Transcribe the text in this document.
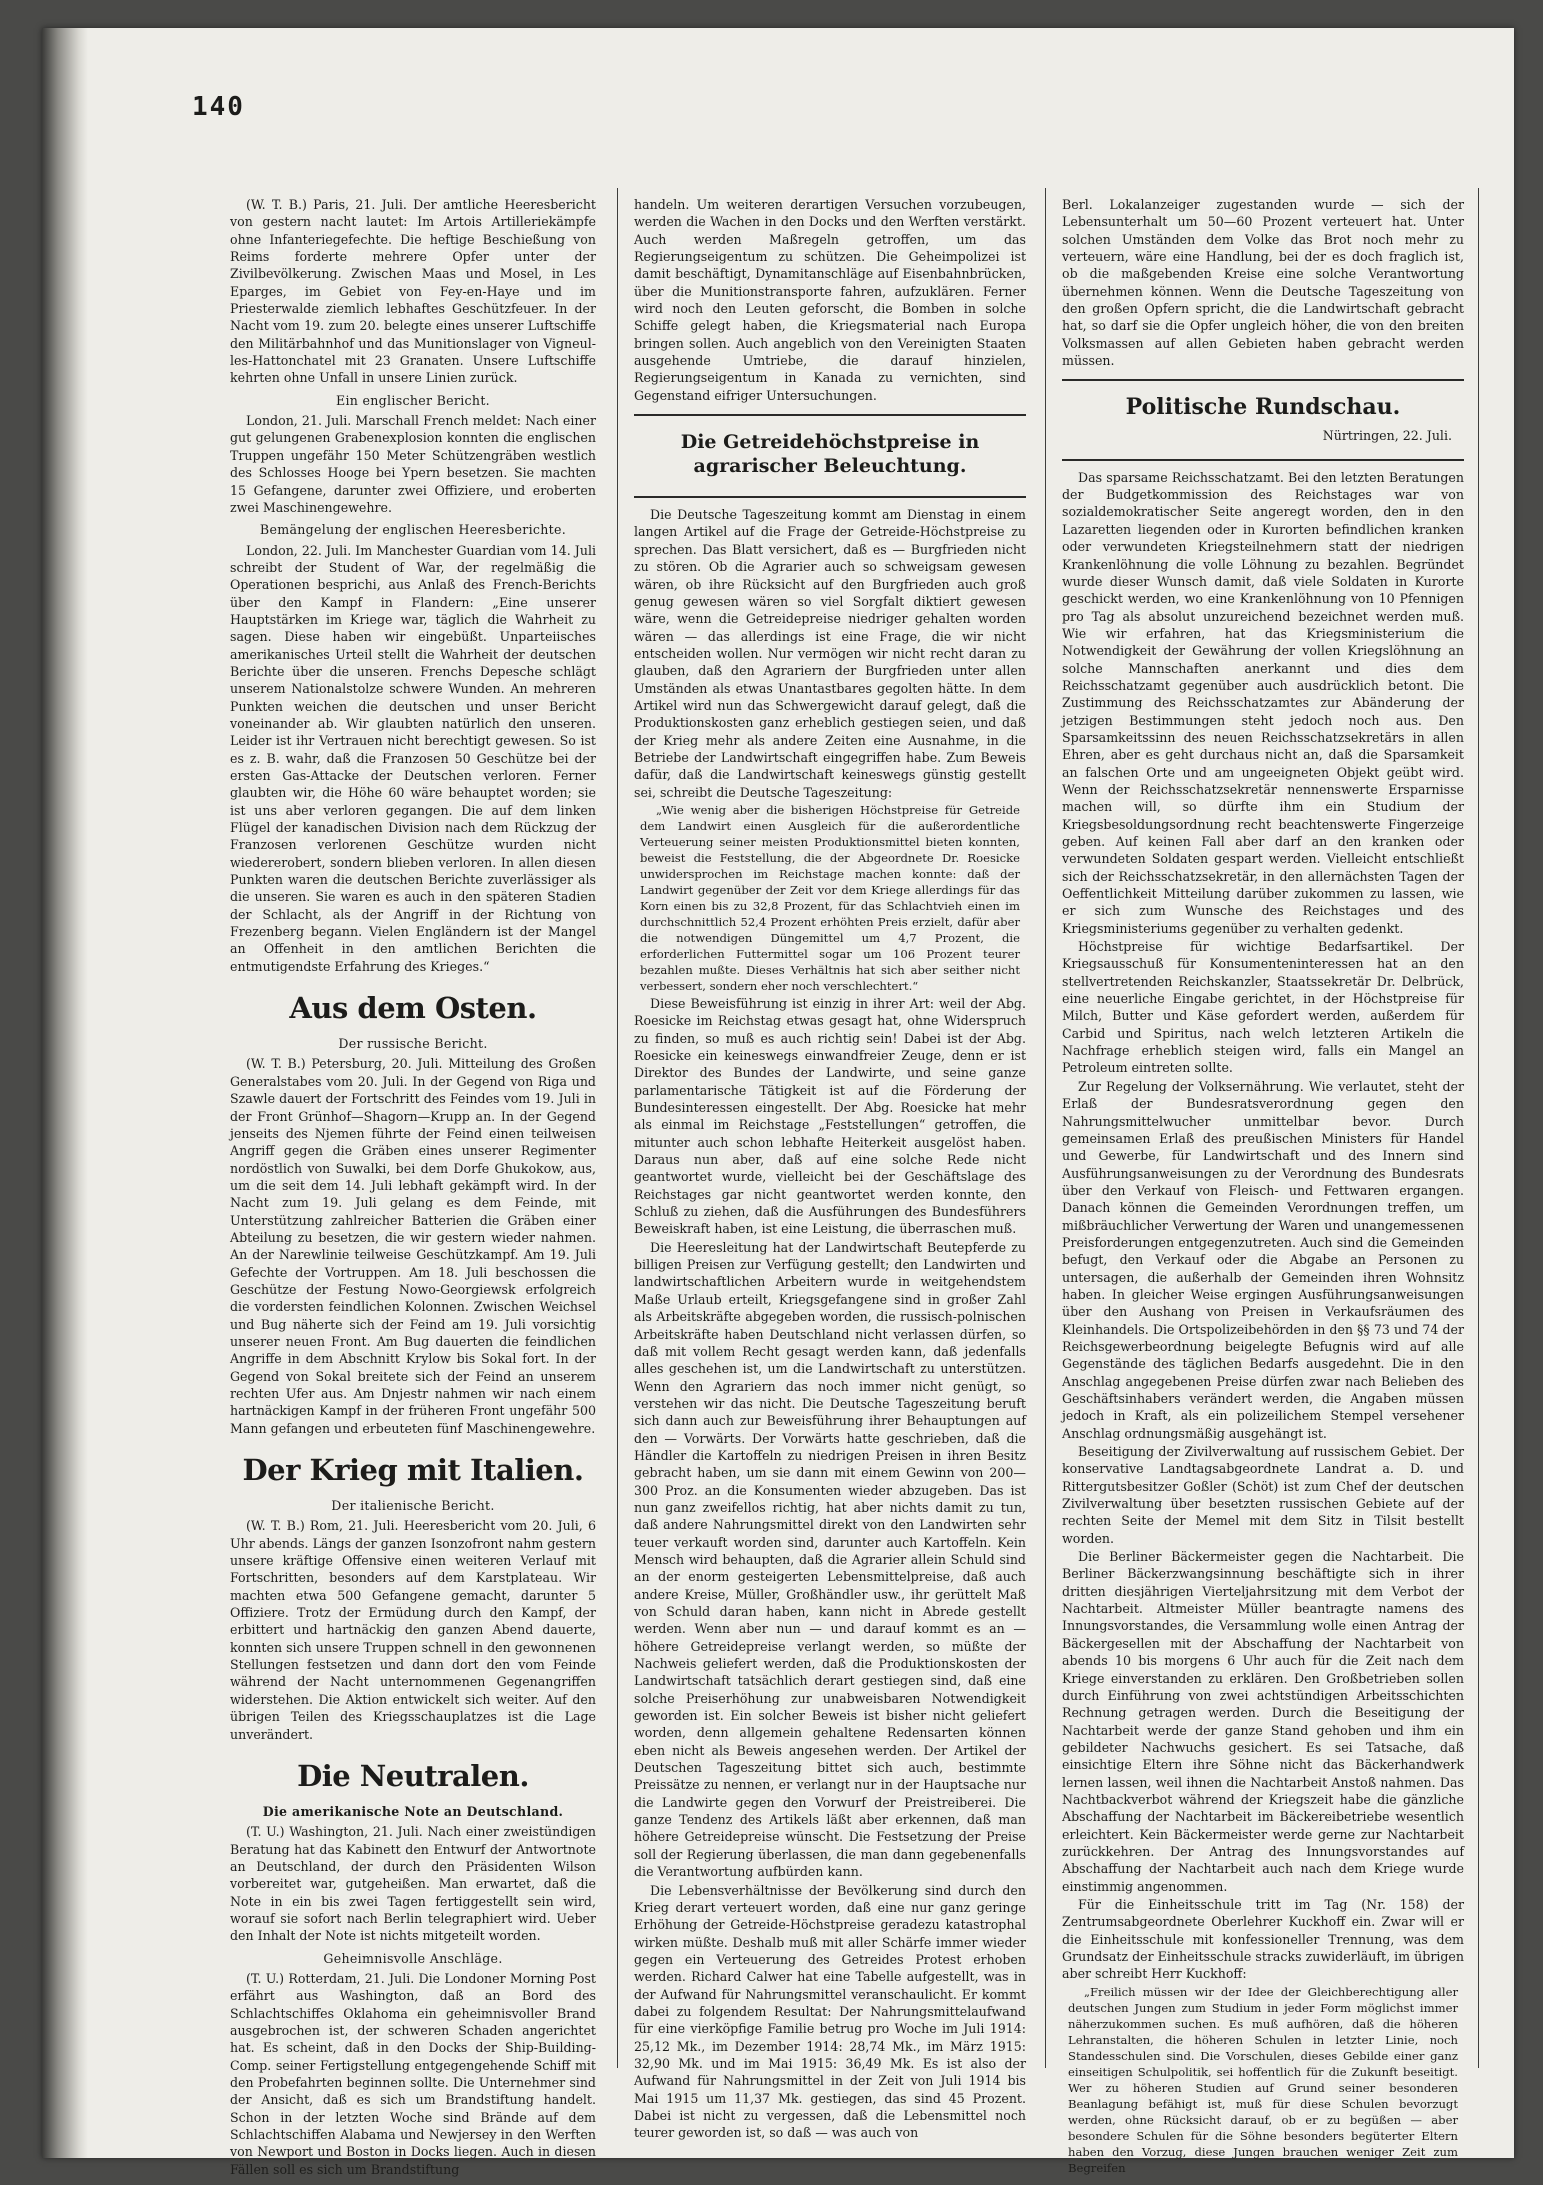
140

(W. T. B.) Paris, 21. Juli. Der amtliche Heeresbericht von gestern nacht lautet: Im Artois Artilleriekämpfe ohne Infanteriegefechte. Die heftige Beschießung von Reims forderte mehrere Opfer unter der Zivilbevölkerung. Zwischen Maas und Mosel, in Les Eparges, im Gebiet von Fey-en-Haye und im Priesterwalde ziemlich lebhaftes Geschützfeuer. In der Nacht vom 19. zum 20. belegte eines unserer Luftschiffe den Militärbahnhof und das Munitionslager von Vigneul-les-Hattonchatel mit 23 Granaten. Unsere Luftschiffe kehrten ohne Unfall in unsere Linien zurück.

Ein englischer Bericht.

London, 21. Juli. Marschall French meldet: Nach einer gut gelungenen Grabenexplosion konnten die englischen Truppen ungefähr 150 Meter Schützengräben westlich des Schlosses Hooge bei Ypern besetzen. Sie machten 15 Gefangene, darunter zwei Offiziere, und eroberten zwei Maschinengewehre.

Bemängelung der englischen Heeresberichte.

London, 22. Juli. Im Manchester Guardian vom 14. Juli schreibt der Student of War, der regelmäßig die Operationen besprichi, aus Anlaß des French-Berichts über den Kampf in Flandern: „Eine unserer Hauptstärken im Kriege war, täglich die Wahrheit zu sagen. Diese haben wir eingebüßt. Unparteiisches amerikanisches Urteil stellt die Wahrheit der deutschen Berichte über die unseren. Frenchs Depesche schlägt unserem Nationalstolze schwere Wunden. An mehreren Punkten weichen die deutschen und unser Bericht voneinander ab. Wir glaubten natürlich den unseren. Leider ist ihr Vertrauen nicht berechtigt gewesen. So ist es z. B. wahr, daß die Franzosen 50 Geschütze bei der ersten Gas-Attacke der Deutschen verloren. Ferner glaubten wir, die Höhe 60 wäre behauptet worden; sie ist uns aber verloren gegangen. Die auf dem linken Flügel der kanadischen Division nach dem Rückzug der Franzosen verlorenen Geschütze wurden nicht wiedererobert, sondern blieben verloren. In allen diesen Punkten waren die deutschen Berichte zuverlässiger als die unseren. Sie waren es auch in den späteren Stadien der Schlacht, als der Angriff in der Richtung von Frezenberg begann. Vielen Engländern ist der Mangel an Offenheit in den amtlichen Berichten die entmutigendste Erfahrung des Krieges.“

Aus dem Osten.
Der russische Bericht.

(W. T. B.) Petersburg, 20. Juli. Mitteilung des Großen Generalstabes vom 20. Juli. In der Gegend von Riga und Szawle dauert der Fortschritt des Feindes vom 19. Juli in der Front Grünhof—Shagorn—Krupp an. In der Gegend jenseits des Njemen führte der Feind einen teilweisen Angriff gegen die Gräben eines unserer Regimenter nordöstlich von Suwalki, bei dem Dorfe Ghukokow, aus, um die seit dem 14. Juli lebhaft gekämpft wird. In der Nacht zum 19. Juli gelang es dem Feinde, mit Unterstützung zahlreicher Batterien die Gräben einer Abteilung zu besetzen, die wir gestern wieder nahmen. An der Narewlinie teilweise Geschützkampf. Am 19. Juli Gefechte der Vortruppen. Am 18. Juli beschossen die Geschütze der Festung Nowo-Georgiewsk erfolgreich die vordersten feindlichen Kolonnen. Zwischen Weichsel und Bug näherte sich der Feind am 19. Juli vorsichtig unserer neuen Front. Am Bug dauerten die feindlichen Angriffe in dem Abschnitt Krylow bis Sokal fort. In der Gegend von Sokal breitete sich der Feind an unserem rechten Ufer aus. Am Dnjestr nahmen wir nach einem hartnäckigen Kampf in der früheren Front ungefähr 500 Mann gefangen und erbeuteten fünf Maschinengewehre.

Der Krieg mit Italien.
Der italienische Bericht.

(W. T. B.) Rom, 21. Juli. Heeresbericht vom 20. Juli, 6 Uhr abends. Längs der ganzen Isonzofront nahm gestern unsere kräftige Offensive einen weiteren Verlauf mit Fortschritten, besonders auf dem Karstplateau. Wir machten etwa 500 Gefangene gemacht, darunter 5 Offiziere. Trotz der Ermüdung durch den Kampf, der erbittert und hartnäckig den ganzen Abend dauerte, konnten sich unsere Truppen schnell in den gewonnenen Stellungen festsetzen und dann dort den vom Feinde während der Nacht unternommenen Gegenangriffen widerstehen. Die Aktion entwickelt sich weiter. Auf den übrigen Teilen des Kriegsschauplatzes ist die Lage unverändert.

Die Neutralen.
Die amerikanische Note an Deutschland.

(T. U.) Washington, 21. Juli. Nach einer zweistündigen Beratung hat das Kabinett den Entwurf der Antwortnote an Deutschland, der durch den Präsidenten Wilson vorbereitet war, gutgeheißen. Man erwartet, daß die Note in ein bis zwei Tagen fertiggestellt sein wird, worauf sie sofort nach Berlin telegraphiert wird. Ueber den Inhalt der Note ist nichts mitgeteilt worden.

Geheimnisvolle Anschläge.

(T. U.) Rotterdam, 21. Juli. Die Londoner Morning Post erfährt aus Washington, daß an Bord des Schlachtschiffes Oklahoma ein geheimnisvoller Brand ausgebrochen ist, der schweren Schaden angerichtet hat. Es scheint, daß in den Docks der Ship-Building-Comp. seiner Fertigstellung entgegengehende Schiff mit den Probefahrten beginnen sollte. Die Unternehmer sind der Ansicht, daß es sich um Brandstiftung handelt. Schon in der letzten Woche sind Brände auf dem Schlachtschiffen Alabama und Newjersey in den Werften von Newport und Boston in Docks liegen. Auch in diesen Fällen soll es sich um Brandstiftung

handeln. Um weiteren derartigen Versuchen vorzubeugen, werden die Wachen in den Docks und den Werften verstärkt. Auch werden Maßregeln getroffen, um das Regierungseigentum zu schützen. Die Geheimpolizei ist damit beschäftigt, Dynamitanschläge auf Eisenbahnbrücken, über die Munitionstransporte fahren, aufzuklären. Ferner wird noch den Leuten geforscht, die Bomben in solche Schiffe gelegt haben, die Kriegsmaterial nach Europa bringen sollen. Auch angeblich von den Vereinigten Staaten ausgehende Umtriebe, die darauf hinzielen, Regierungseigentum in Kanada zu vernichten, sind Gegenstand eifriger Untersuchungen.

Die Getreidehöchstpreise in agrarischer Beleuchtung.

Die Deutsche Tageszeitung kommt am Dienstag in einem langen Artikel auf die Frage der Getreide-Höchstpreise zu sprechen. Das Blatt versichert, daß es — Burgfrieden nicht zu stören. Ob die Agrarier auch so schweigsam gewesen wären, ob ihre Rücksicht auf den Burgfrieden auch groß genug gewesen wären so viel Sorgfalt diktiert gewesen wäre, wenn die Getreidepreise niedriger gehalten worden wären — das allerdings ist eine Frage, die wir nicht entscheiden wollen. Nur vermögen wir nicht recht daran zu glauben, daß den Agrariern der Burgfrieden unter allen Umständen als etwas Unantastbares gegolten hätte. In dem Artikel wird nun das Schwergewicht darauf gelegt, daß die Produktionskosten ganz erheblich gestiegen seien, und daß der Krieg mehr als andere Zeiten eine Ausnahme, in die Betriebe der Landwirtschaft eingegriffen habe. Zum Beweis dafür, daß die Landwirtschaft keineswegs günstig gestellt sei, schreibt die Deutsche Tageszeitung:

„Wie wenig aber die bisherigen Höchstpreise für Getreide dem Landwirt einen Ausgleich für die außerordentliche Verteuerung seiner meisten Produktionsmittel bieten konnten, beweist die Feststellung, die der Abgeordnete Dr. Roesicke unwidersprochen im Reichstage machen konnte: daß der Landwirt gegenüber der Zeit vor dem Kriege allerdings für das Korn einen bis zu 32,8 Prozent, für das Schlachtvieh einen im durchschnittlich 52,4 Prozent erhöhten Preis erzielt, dafür aber die notwendigen Düngemittel um 4,7 Prozent, die erforderlichen Futtermittel sogar um 106 Prozent teurer bezahlen mußte. Dieses Verhältnis hat sich aber seither nicht verbessert, sondern eher noch verschlechtert.“

Diese Beweisführung ist einzig in ihrer Art: weil der Abg. Roesicke im Reichstag etwas gesagt hat, ohne Widerspruch zu finden, so muß es auch richtig sein! Dabei ist der Abg. Roesicke ein keineswegs einwandfreier Zeuge, denn er ist Direktor des Bundes der Landwirte, und seine ganze parlamentarische Tätigkeit ist auf die Förderung der Bundesinteressen eingestellt. Der Abg. Roesicke hat mehr als einmal im Reichstage „Feststellungen“ getroffen, die mitunter auch schon lebhafte Heiterkeit ausgelöst haben. Daraus nun aber, daß auf eine solche Rede nicht geantwortet wurde, vielleicht bei der Geschäftslage des Reichstages gar nicht geantwortet werden konnte, den Schluß zu ziehen, daß die Ausführungen des Bundesführers Beweiskraft haben, ist eine Leistung, die überraschen muß.

Die Heeresleitung hat der Landwirtschaft Beutepferde zu billigen Preisen zur Verfügung gestellt; den Landwirten und landwirtschaftlichen Arbeitern wurde in weitgehendstem Maße Urlaub erteilt, Kriegsgefangene sind in großer Zahl als Arbeitskräfte abgegeben worden, die russisch-polnischen Arbeitskräfte haben Deutschland nicht verlassen dürfen, so daß mit vollem Recht gesagt werden kann, daß jedenfalls alles geschehen ist, um die Landwirtschaft zu unterstützen. Wenn den Agrariern das noch immer nicht genügt, so verstehen wir das nicht. Die Deutsche Tageszeitung beruft sich dann auch zur Beweisführung ihrer Behauptungen auf den — Vorwärts. Der Vorwärts hatte geschrieben, daß die Händler die Kartoffeln zu niedrigen Preisen in ihren Besitz gebracht haben, um sie dann mit einem Gewinn von 200—300 Proz. an die Konsumenten wieder abzugeben. Das ist nun ganz zweifellos richtig, hat aber nichts damit zu tun, daß andere Nahrungsmittel direkt von den Landwirten sehr teuer verkauft worden sind, darunter auch Kartoffeln. Kein Mensch wird behaupten, daß die Agrarier allein Schuld sind an der enorm gesteigerten Lebensmittelpreise, daß auch andere Kreise, Müller, Großhändler usw., ihr gerüttelt Maß von Schuld daran haben, kann nicht in Abrede gestellt werden. Wenn aber nun — und darauf kommt es an — höhere Getreidepreise verlangt werden, so müßte der Nachweis geliefert werden, daß die Produktionskosten der Landwirtschaft tatsächlich derart gestiegen sind, daß eine solche Preiserhöhung zur unabweisbaren Notwendigkeit geworden ist. Ein solcher Beweis ist bisher nicht geliefert worden, denn allgemein gehaltene Redensarten können eben nicht als Beweis angesehen werden. Der Artikel der Deutschen Tageszeitung bittet sich auch, bestimmte Preissätze zu nennen, er verlangt nur in der Hauptsache nur die Landwirte gegen den Vorwurf der Preistreiberei. Die ganze Tendenz des Artikels läßt aber erkennen, daß man höhere Getreidepreise wünscht. Die Festsetzung der Preise soll der Regierung überlassen, die man dann gegebenenfalls die Verantwortung aufbürden kann.

Die Lebensverhältnisse der Bevölkerung sind durch den Krieg derart verteuert worden, daß eine nur ganz geringe Erhöhung der Getreide-Höchstpreise geradezu katastrophal wirken müßte. Deshalb muß mit aller Schärfe immer wieder gegen ein Verteuerung des Getreides Protest erhoben werden. Richard Calwer hat eine Tabelle aufgestellt, was in der Aufwand für Nahrungsmittel veranschaulicht. Er kommt dabei zu folgendem Resultat: Der Nahrungsmittelaufwand für eine vierköpfige Familie betrug pro Woche im Juli 1914: 25,12 Mk., im Dezember 1914: 28,74 Mk., im März 1915: 32,90 Mk. und im Mai 1915: 36,49 Mk. Es ist also der Aufwand für Nahrungsmittel in der Zeit von Juli 1914 bis Mai 1915 um 11,37 Mk. gestiegen, das sind 45 Prozent. Dabei ist nicht zu vergessen, daß die Lebensmittel noch teurer geworden ist, so daß — was auch von

Berl. Lokalanzeiger zugestanden wurde — sich der Lebensunterhalt um 50—60 Prozent verteuert hat. Unter solchen Umständen dem Volke das Brot noch mehr zu verteuern, wäre eine Handlung, bei der es doch fraglich ist, ob die maßgebenden Kreise eine solche Verantwortung übernehmen können. Wenn die Deutsche Tageszeitung von den großen Opfern spricht, die die Landwirtschaft gebracht hat, so darf sie die Opfer ungleich höher, die von den breiten Volksmassen auf allen Gebieten haben gebracht werden müssen.

Politische Rundschau.
Nürtringen, 22. Juli.

Das sparsame Reichsschatzamt. Bei den letzten Beratungen der Budgetkommission des Reichstages war von sozialdemokratischer Seite angeregt worden, den in den Lazaretten liegenden oder in Kurorten befindlichen kranken oder verwundeten Kriegsteilnehmern statt der niedrigen Krankenlöhnung die volle Löhnung zu bezahlen. Begründet wurde dieser Wunsch damit, daß viele Soldaten in Kurorte geschickt werden, wo eine Krankenlöhnung von 10 Pfennigen pro Tag als absolut unzureichend bezeichnet werden muß. Wie wir erfahren, hat das Kriegsministerium die Notwendigkeit der Gewährung der vollen Kriegslöhnung an solche Mannschaften anerkannt und dies dem Reichsschatzamt gegenüber auch ausdrücklich betont. Die Zustimmung des Reichsschatzamtes zur Abänderung der jetzigen Bestimmungen steht jedoch noch aus. Den Sparsamkeitssinn des neuen Reichsschatzsekretärs in allen Ehren, aber es geht durchaus nicht an, daß die Sparsamkeit an falschen Orte und am ungeeigneten Objekt geübt wird. Wenn der Reichsschatzsekretär nennenswerte Ersparnisse machen will, so dürfte ihm ein Studium der Kriegsbesoldungsordnung recht beachtenswerte Fingerzeige geben. Auf keinen Fall aber darf an den kranken oder verwundeten Soldaten gespart werden. Vielleicht entschließt sich der Reichsschatzsekretär, in den allernächsten Tagen der Oeffentlichkeit Mitteilung darüber zukommen zu lassen, wie er sich zum Wunsche des Reichstages und des Kriegsministeriums gegenüber zu verhalten gedenkt.

Höchstpreise für wichtige Bedarfsartikel. Der Kriegsausschuß für Konsumenteninteressen hat an den stellvertretenden Reichskanzler, Staatssekretär Dr. Delbrück, eine neuerliche Eingabe gerichtet, in der Höchstpreise für Milch, Butter und Käse gefordert werden, außerdem für Carbid und Spiritus, nach welch letzteren Artikeln die Nachfrage erheblich steigen wird, falls ein Mangel an Petroleum eintreten sollte.

Zur Regelung der Volksernährung. Wie verlautet, steht der Erlaß der Bundesratsverordnung gegen den Nahrungsmittelwucher unmittelbar bevor. Durch gemeinsamen Erlaß des preußischen Ministers für Handel und Gewerbe, für Landwirtschaft und des Innern sind Ausführungsanweisungen zu der Verordnung des Bundesrats über den Verkauf von Fleisch- und Fettwaren ergangen. Danach können die Gemeinden Verordnungen treffen, um mißbräuchlicher Verwertung der Waren und unangemessenen Preisforderungen entgegenzutreten. Auch sind die Gemeinden befugt, den Verkauf oder die Abgabe an Personen zu untersagen, die außerhalb der Gemeinden ihren Wohnsitz haben. In gleicher Weise ergingen Ausführungsanweisungen über den Aushang von Preisen in Verkaufsräumen des Kleinhandels. Die Ortspolizeibehörden in den §§ 73 und 74 der Reichsgewerbeordnung beigelegte Befugnis wird auf alle Gegenstände des täglichen Bedarfs ausgedehnt. Die in den Anschlag angegebenen Preise dürfen zwar nach Belieben des Geschäftsinhabers verändert werden, die Angaben müssen jedoch in Kraft, als ein polizeilichem Stempel versehener Anschlag ordnungsmäßig ausgehängt ist.

Beseitigung der Zivilverwaltung auf russischem Gebiet. Der konservative Landtagsabgeordnete Landrat a. D. und Rittergutsbesitzer Goßler (Schöt) ist zum Chef der deutschen Zivilverwaltung über besetzten russischen Gebiete auf der rechten Seite der Memel mit dem Sitz in Tilsit bestellt worden.

Die Berliner Bäckermeister gegen die Nachtarbeit. Die Berliner Bäckerzwangsinnung beschäftigte sich in ihrer dritten diesjährigen Vierteljahrsitzung mit dem Verbot der Nachtarbeit. Altmeister Müller beantragte namens des Innungsvorstandes, die Versammlung wolle einen Antrag der Bäckergesellen mit der Abschaffung der Nachtarbeit von abends 10 bis morgens 6 Uhr auch für die Zeit nach dem Kriege einverstanden zu erklären. Den Großbetrieben sollen durch Einführung von zwei achtstündigen Arbeitsschichten Rechnung getragen werden. Durch die Beseitigung der Nachtarbeit werde der ganze Stand gehoben und ihm ein gebildeter Nachwuchs gesichert. Es sei Tatsache, daß einsichtige Eltern ihre Söhne nicht das Bäckerhandwerk lernen lassen, weil ihnen die Nachtarbeit Anstoß nahmen. Das Nachtbackverbot während der Kriegszeit habe die gänzliche Abschaffung der Nachtarbeit im Bäckereibetriebe wesentlich erleichtert. Kein Bäckermeister werde gerne zur Nachtarbeit zurückkehren. Der Antrag des Innungsvorstandes auf Abschaffung der Nachtarbeit auch nach dem Kriege wurde einstimmig angenommen.

Für die Einheitsschule tritt im Tag (Nr. 158) der Zentrumsabgeordnete Oberlehrer Kuckhoff ein. Zwar will er die Einheitsschule mit konfessioneller Trennung, was dem Grundsatz der Einheitsschule stracks zuwiderläuft, im übrigen aber schreibt Herr Kuckhoff:

„Freilich müssen wir der Idee der Gleichberechtigung aller deutschen Jungen zum Studium in jeder Form möglichst immer näherzukommen suchen. Es muß aufhören, daß die höheren Lehranstalten, die höheren Schulen in letzter Linie, noch Standesschulen sind. Die Vorschulen, dieses Gebilde einer ganz einseitigen Schulpolitik, sei hoffentlich für die Zukunft beseitigt. Wer zu höheren Studien auf Grund seiner besonderen Beanlagung befähigt ist, muß für diese Schulen bevorzugt werden, ohne Rücksicht darauf, ob er zu begüßen — aber besondere Schulen für die Söhne besonders begüterter Eltern haben den Vorzug, diese Jungen brauchen weniger Zeit zum Begreifen
